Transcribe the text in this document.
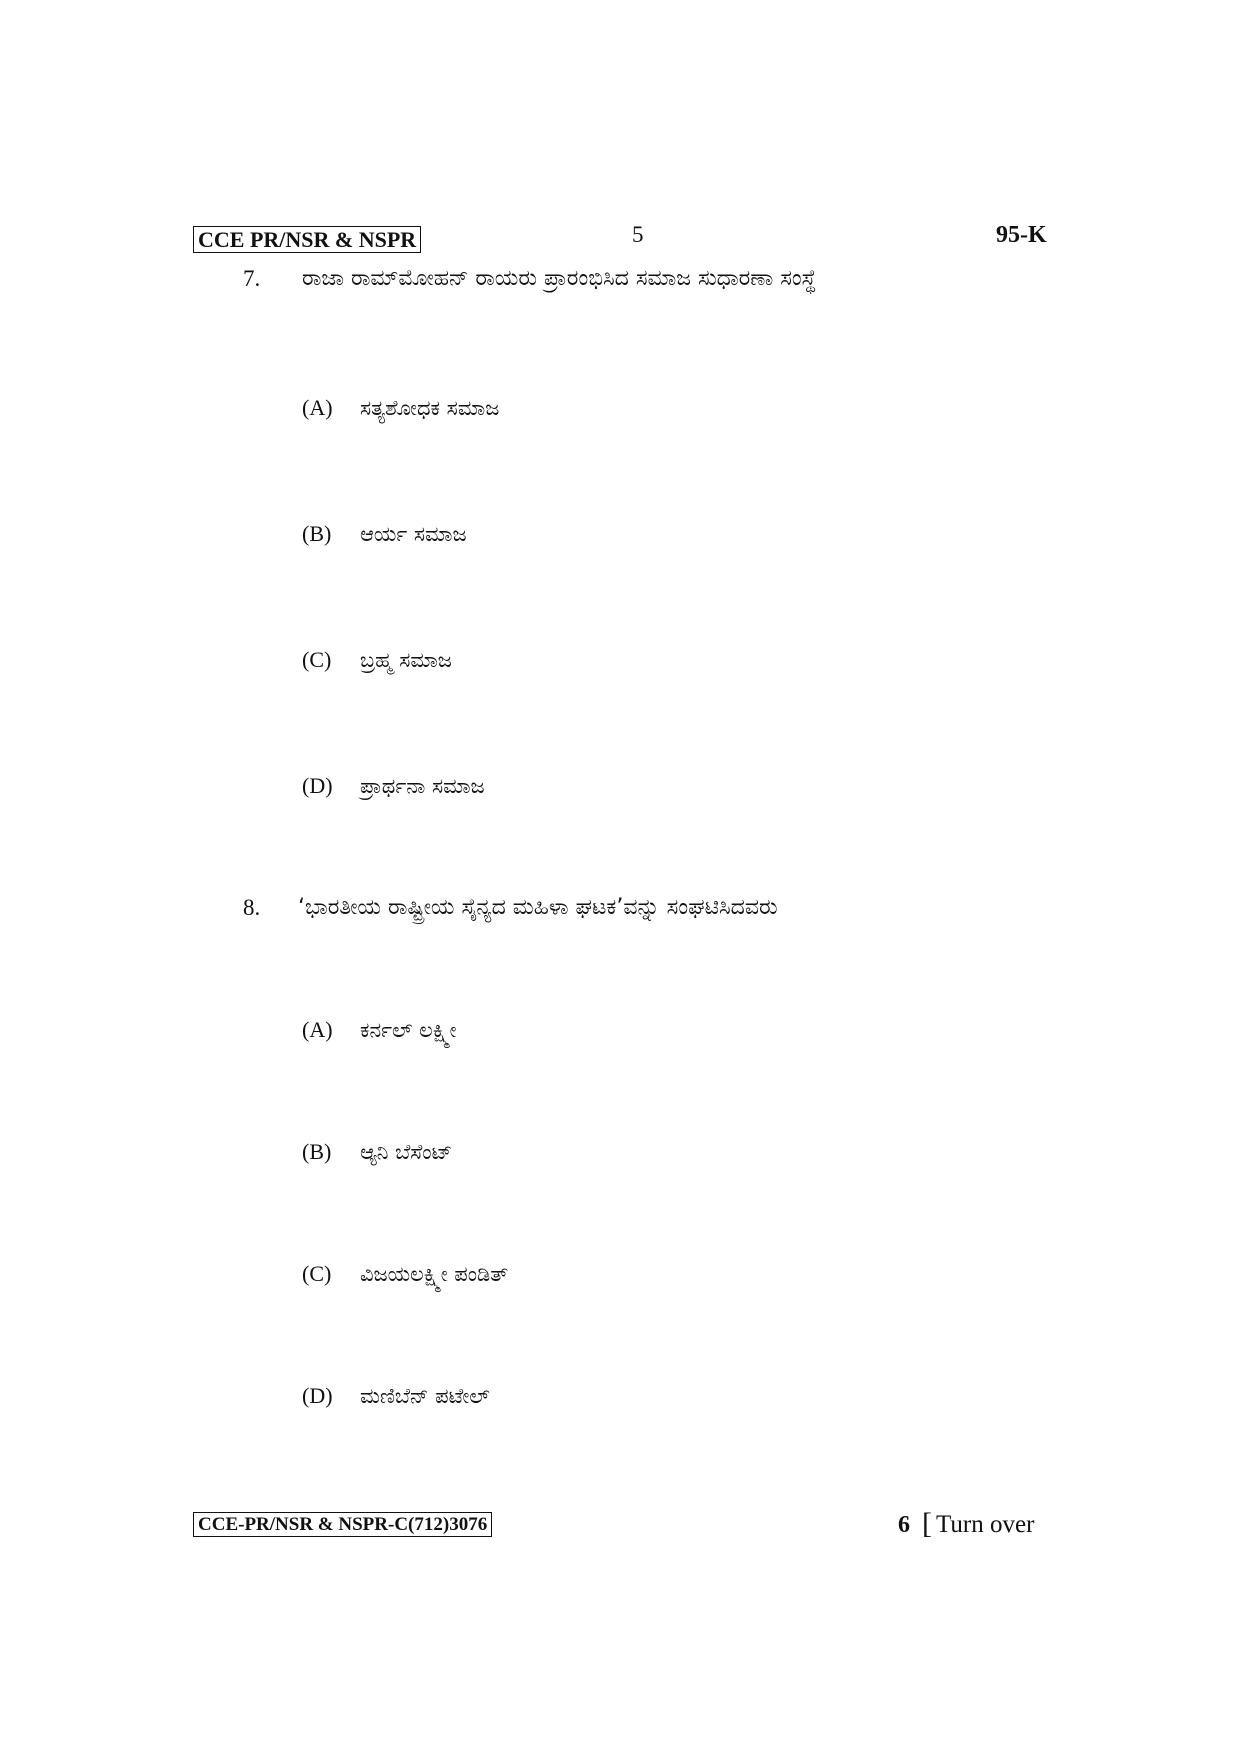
CCE PR/NSR & NSPR	5	95-K
7. ರಾಜಾ ರಾಮ್‌ಮೋಹನ್ ರಾಯರು ಪ್ರಾರಂಭಿಸಿದ ಸಮಾಜ ಸುಧಾರಣಾ ಸಂಸ್ಥೆ
(A) ಸತ್ಯಶೋಧಕ ಸಮಾಜ
(B) ಆರ್ಯ ಸಮಾಜ
(C) ಬ್ರಹ್ಮ ಸಮಾಜ
(D) ಪ್ರಾರ್ಥನಾ ಸಮಾಜ
8. ‘ಭಾರತೀಯ ರಾಷ್ಟ್ರೀಯ ಸೈನ್ಯದ ಮಹಿಳಾ ಘಟಕ’ವನ್ನು ಸಂಘಟಿಸಿದವರು
(A) ಕರ್ನಲ್ ಲಕ್ಷ್ಮೀ
(B) ಆ್ಯನಿ ಬೆಸೆಂಟ್
(C) ವಿಜಯಲಕ್ಷ್ಮೀ ಪಂಡಿತ್
(D) ಮಣಿಬೆನ್ ಪಟೇಲ್
CCE-PR/NSR & NSPR-C(712)3076	6 [ Turn over
